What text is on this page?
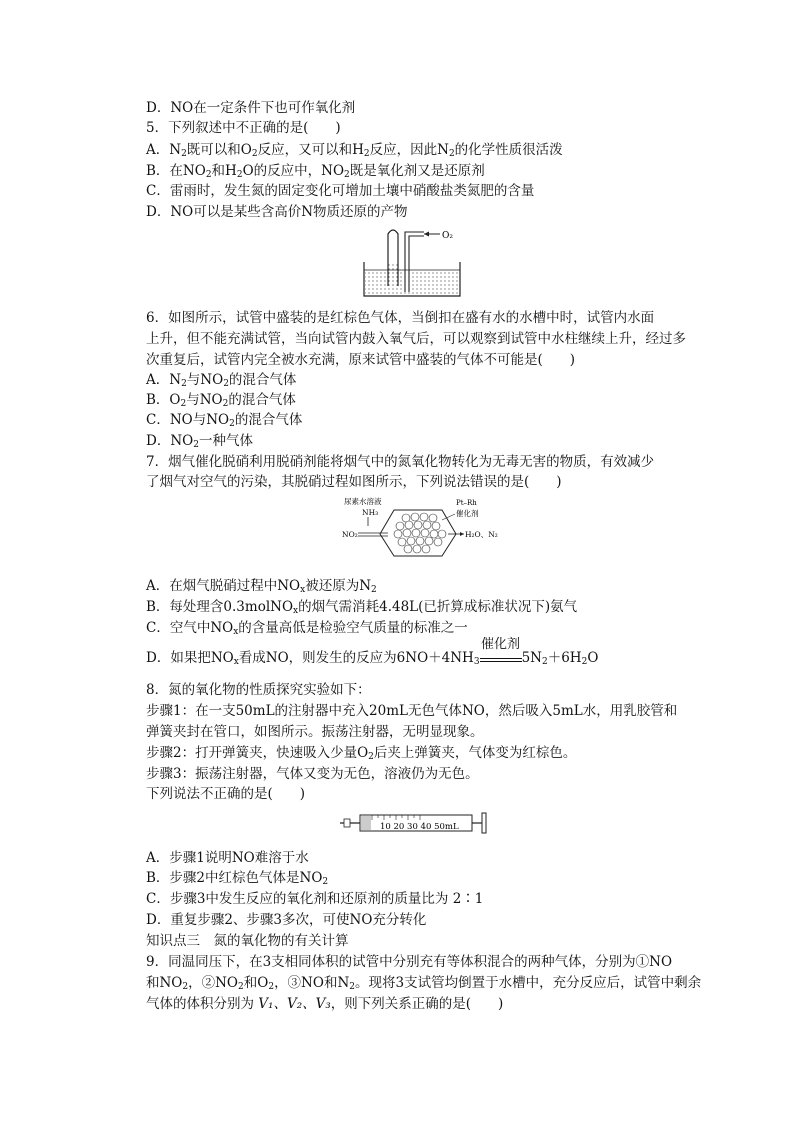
D．NO在一定条件下也可作氧化剂
5．下列叙述中不正确的是(　　)
A．$N_2$既可以和$O_2$反应，又可以和$H_2$反应，因此$N_2$的化学性质很活泼
B．在$NO_2$和$H_2O$的反应中，$NO_2$既是氧化剂又是还原剂
C．雷雨时，发生氮的固定变化可增加土壤中硝酸盐类氮肥的含量
D．NO可以是某些含高价N物质还原的产物
O₂
6．如图所示，试管中盛装的是红棕色气体，当倒扣在盛有水的水槽中时，试管内水面
上升，但不能充满试管，当向试管内鼓入氧气后，可以观察到试管中水柱继续上升，经过多
次重复后，试管内完全被水充满，原来试管中盛装的气体不可能是(　　)
A．$N_2$与$NO_2$的混合气体
B．$O_2$与$NO_2$的混合气体
C．NO与$NO_2$的混合气体
D．$NO_2$一种气体
7．烟气催化脱硝利用脱硝剂能将烟气中的氮氧化物转化为无毒无害的物质，有效减少
了烟气对空气的污染，其脱硝过程如图所示，下列说法错误的是(　　)
尿素水溶液
NH₃
NO₂
Pt–Rh
催化剂
H₂O、N₂
A．在烟气脱硝过程中$NO_x$被还原为$N_2$
B．每处理含0.3molNO$_x$的烟气需消耗4.48L(已折算成标准状况下)氨气
C．空气中$NO_x$的含量高低是检验空气质量的标准之一
D．如果把$NO_x$看成NO，则发生的反应为$6NO+4NH_3$
催化剂
$5N_2+6H_2O$
8．氮的氧化物的性质探究实验如下：
步骤1：在一支50mL的注射器中充入20mL无色气体NO，然后吸入5mL水，用乳胶管和
弹簧夹封在管口，如图所示。振荡注射器，无明显现象。
步骤2：打开弹簧夹，快速吸入少量$O_2$后夹上弹簧夹，气体变为红棕色。
步骤3：振荡注射器，气体又变为无色，溶液仍为无色。
下列说法不正确的是(　　)
10 20 30 40 50mL
A．步骤1说明NO难溶于水
B．步骤2中红棕色气体是$NO_2$
C．步骤3中发生反应的氧化剂和还原剂的质量比为 2∶1
D．重复步骤2、步骤3多次，可使NO充分转化
知识点三　氮的氧化物的有关计算
9．同温同压下，在3支相同体积的试管中分别充有等体积混合的两种气体，分别为①NO
和$NO_2$，$②NO_2$和$O_2$，③NO和$N_2$。现将3支试管均倒置于水槽中，充分反应后，试管中剩余
气体的体积分别为 V₁、V₂、V₃，则下列关系正确的是(　　)
